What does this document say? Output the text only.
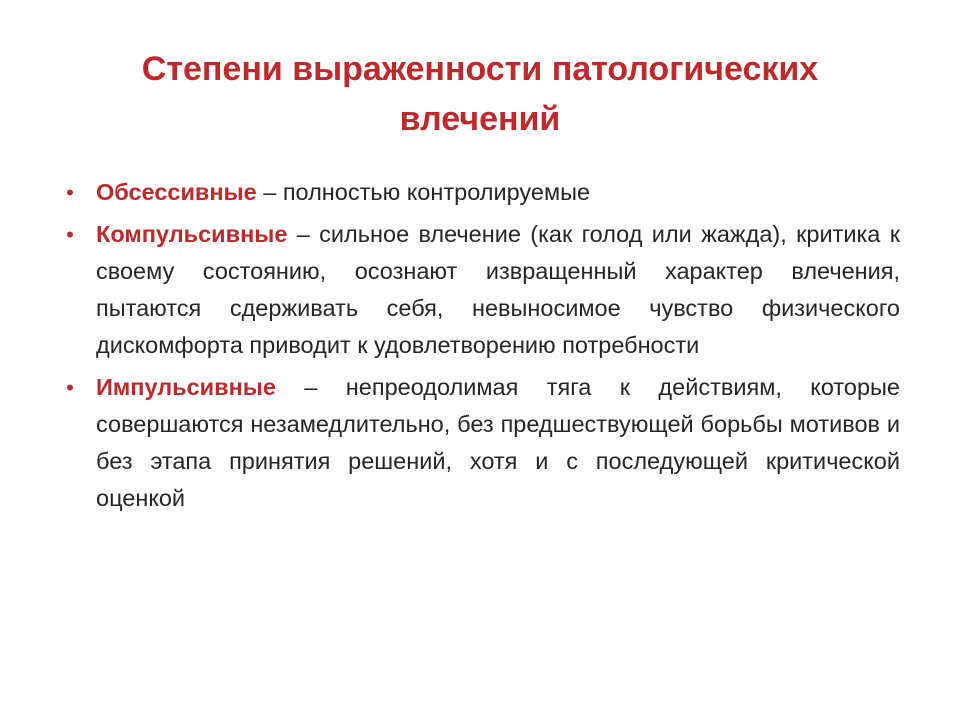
Степени выраженности патологических влечений
• Обсессивные – полностью контролируемые
• Компульсивные – сильное влечение (как голод или жажда), критика к своему состоянию, осознают извращенный характер влечения, пытаются сдерживать себя, невыносимое чувство физического дискомфорта приводит к удовлетворению потребности
• Импульсивные – непреодолимая тяга к действиям, которые совершаются незамедлительно, без предшествующей борьбы мотивов и без этапа принятия решений, хотя и с последующей критической оценкой
